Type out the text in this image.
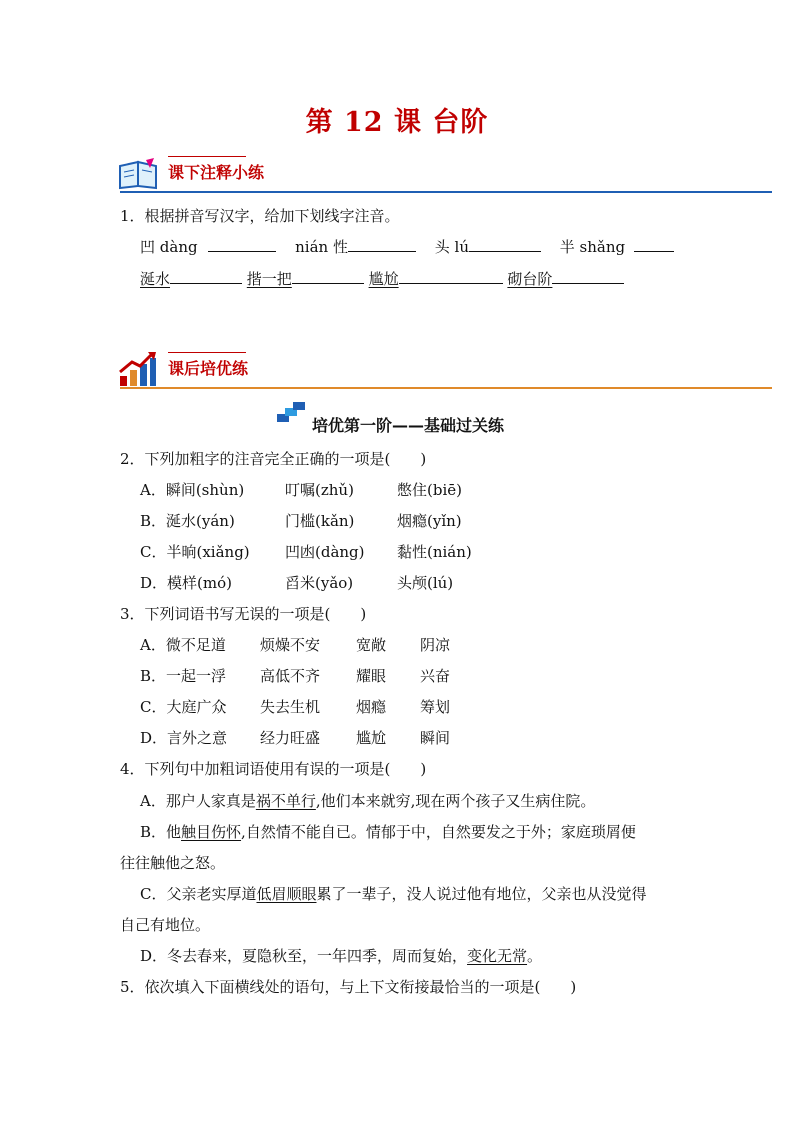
第 12 课 台阶
课下注释小练
1．根据拼音写汉字，给加下划线字注音。
凹 dàng	nián 性	头 lú	半 shǎng
涎水	揩一把	尴尬	砌台阶
课后培优练
培优第一阶——基础过关练
2．下列加粗字的注音完全正确的一项是(　　)
A．瞬间(shùn)	叮嘱(zhǔ)	憋住(biē)
B．涎水(yán)	门槛(kǎn)	烟瘾(yǐn)
C．半晌(xiǎng) 凹凼(dàng) 黏性(nián)
D．模样(mó)	舀米(yǎo)	头颅(lú)
3．下列词语书写无误的一项是(　　)
A．微不足道 烦燥不安 宽敞 阴凉
B．一起一浮 高低不齐 耀眼 兴奋
C．大庭广众 失去生机 烟瘾 筹划
D．言外之意 经力旺盛 尴尬 瞬间
4．下列句中加粗词语使用有误的一项是(　　)
A．那户人家真是祸不单行,他们本来就穷,现在两个孩子又生病住院。
B．他触目伤怀,自然情不能自已。情郁于中，自然要发之于外；家庭琐屑便
往往触他之怒。
C．父亲老实厚道低眉顺眼累了一辈子，没人说过他有地位，父亲也从没觉得
自己有地位。
D．冬去春来，夏隐秋至，一年四季，周而复始，变化无常。
5．依次填入下面横线处的语句，与上下文衔接最恰当的一项是(　　)
